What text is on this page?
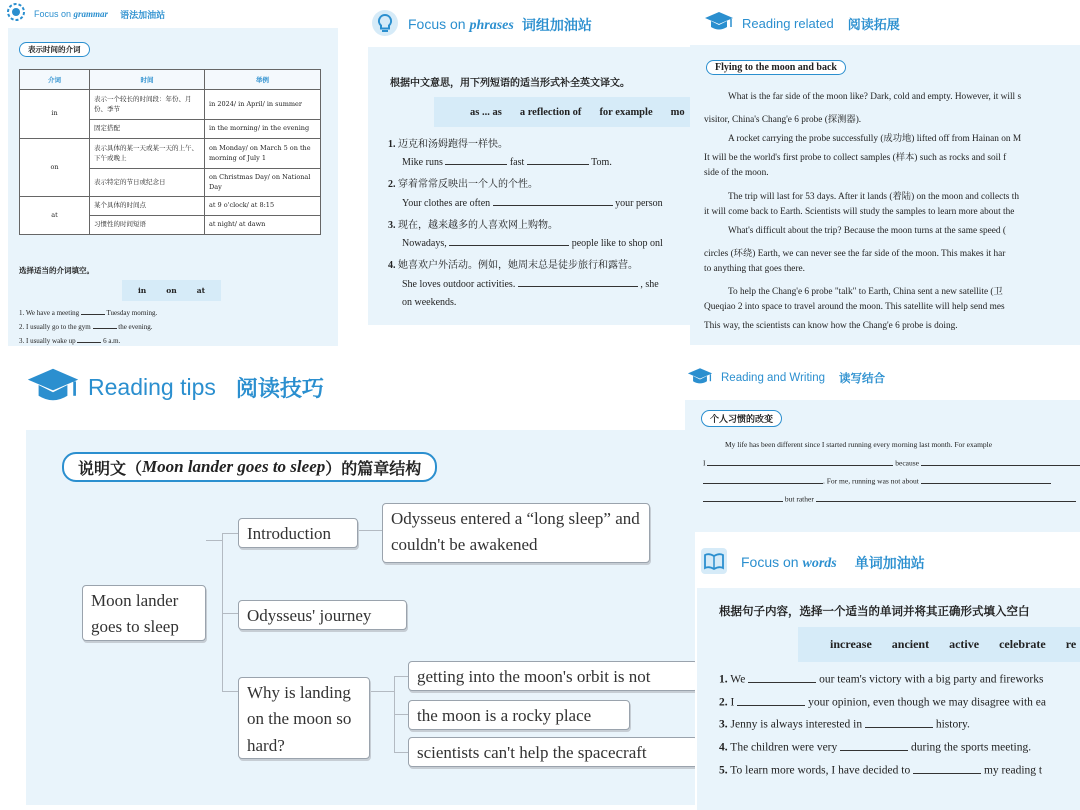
Focus on grammar 语法加油站
表示时间的介词
介词	时间	举例
in	表示一个较长的时间段：年份、月份、季节	in 2024/ in April/ in summer
	固定搭配	in the morning/ in the evening
on	表示具体的某一天或某一天的上午、下午或晚上	on Monday/ on March 5 on the morning of July 1
	表示特定的节日或纪念日	on Christmas Day/ on National Day
at	某个具体的时间点	at 9 o'clock/ at 8:15
	习惯性的时间短语	at night/ at dawn
选择适当的介词填空。
in	on	at
1. We have a meeting	Tuesday morning.
2. I usually go to the gym	the evening.
3. I usually wake up	6 a.m.
Focus on phrases 词组加油站
根据中文意思，用下列短语的适当形式补全英文译文。
as ... as a reflection of for example mo
1. 迈克和汤姆跑得一样快。
Mike runs	fast	Tom.
2. 穿着常常反映出一个人的个性。
Your clothes are often	your person
3. 现在，越来越多的人喜欢网上购物。
Nowadays,	people like to shop onl
4. 她喜欢户外活动。例如，她周末总是徒步旅行和露营。
She loves outdoor activities.	, she
on weekends.
Reading related 阅读拓展
Flying to the moon and back
What is the far side of the moon like? Dark, cold and empty. However, it will s
visitor, China's Chang'e 6 probe (探测器).
A rocket carrying the probe successfully (成功地) lifted off from Hainan on M
It will be the world's first probe to collect samples (样本) such as rocks and soil f
side of the moon.
The trip will last for 53 days. After it lands (着陆) on the moon and collects th
it will come back to Earth. Scientists will study the samples to learn more about the
What's difficult about the trip? Because the moon turns at the same speed (
circles (环绕) Earth, we can never see the far side of the moon. This makes it har
to anything that goes there.
To help the Chang'e 6 probe "talk" to Earth, China sent a new satellite (卫
Queqiao 2 into space to travel around the moon. This satellite will help send mes
This way, the scientists can know how the Chang'e 6 probe is doing.
Reading tips 阅读技巧
说明文（ Moon lander goes to sleep ）的篇章结构
Moon lander goes to sleep
Introduction
Odysseus entered a “long sleep” and couldn't be awakened
Odysseus' journey
Why is landing on the moon so hard?
getting into the moon's orbit is not
the moon is a rocky place
scientists can't help the spacecraft
Reading and Writing 读写结合
个人习惯的改变
My life has been different since I started running every morning last month. For example
I	because
. For me, running was not about
but rather
Focus on words 单词加油站
根据句子内容，选择一个适当的单词并将其正确形式填入空白
increase ancient active celebrate re
1. We	our team's victory with a big party and fireworks
2. I	your opinion, even though we may disagree with ea
3. Jenny is always interested in	history.
4. The children were very	during the sports meeting.
5. To learn more words, I have decided to	my reading t
